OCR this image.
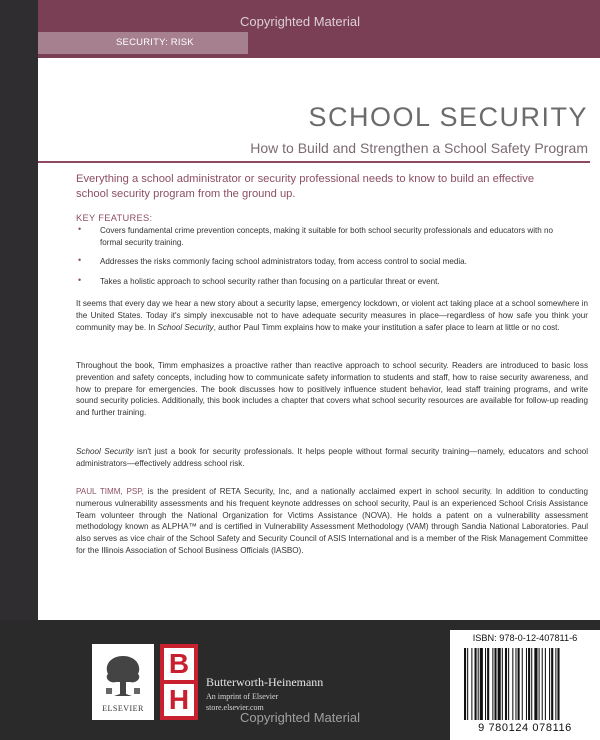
Copyrighted Material
SECURITY: RISK
SCHOOL SECURITY
How to Build and Strengthen a School Safety Program
Everything a school administrator or security professional needs to know to build an effective school security program from the ground up.
KEY FEATURES:
• Covers fundamental crime prevention concepts, making it suitable for both school security professionals and educators with no formal security training.
• Addresses the risks commonly facing school administrators today, from access control to social media.
• Takes a holistic approach to school security rather than focusing on a particular threat or event.

It seems that every day we hear a new story about a security lapse, emergency lockdown, or violent act taking place at a school somewhere in the United States. Today it's simply inexcusable not to have adequate security measures in place—regardless of how safe you think your community may be. In School Security, author Paul Timm explains how to make your institution a safer place to learn at little or no cost.

Throughout the book, Timm emphasizes a proactive rather than reactive approach to school security. Readers are introduced to basic loss prevention and safety concepts, including how to communicate safety information to students and staff, how to raise security awareness, and how to prepare for emergencies. The book discusses how to positively influence student behavior, lead staff training programs, and write sound security policies. Additionally, this book includes a chapter that covers what school security resources are available for follow-up reading and further training.

School Security isn't just a book for security professionals. It helps people without formal security training—namely, educators and school administrators—effectively address school risk.

PAUL TIMM, PSP, is the president of RETA Security, Inc, and a nationally acclaimed expert in school security. In addition to conducting numerous vulnerability assessments and his frequent keynote addresses on school security, Paul is an experienced School Crisis Assistance Team volunteer through the National Organization for Victims Assistance (NOVA). He holds a patent on a vulnerability assessment methodology known as ALPHA™ and is certified in Vulnerability Assessment Methodology (VAM) through Sandia National Laboratories. Paul also serves as vice chair of the School Safety and Security Council of ASIS International and is a member of the Risk Management Committee for the Illinois Association of School Business Officials (IASBO).

ELSEVIER
B
H
Butterworth-Heinemann
An imprint of Elsevier
store.elsevier.com
ISBN: 978-0-12-407811-6
9 780124 078116
Copyrighted Material
